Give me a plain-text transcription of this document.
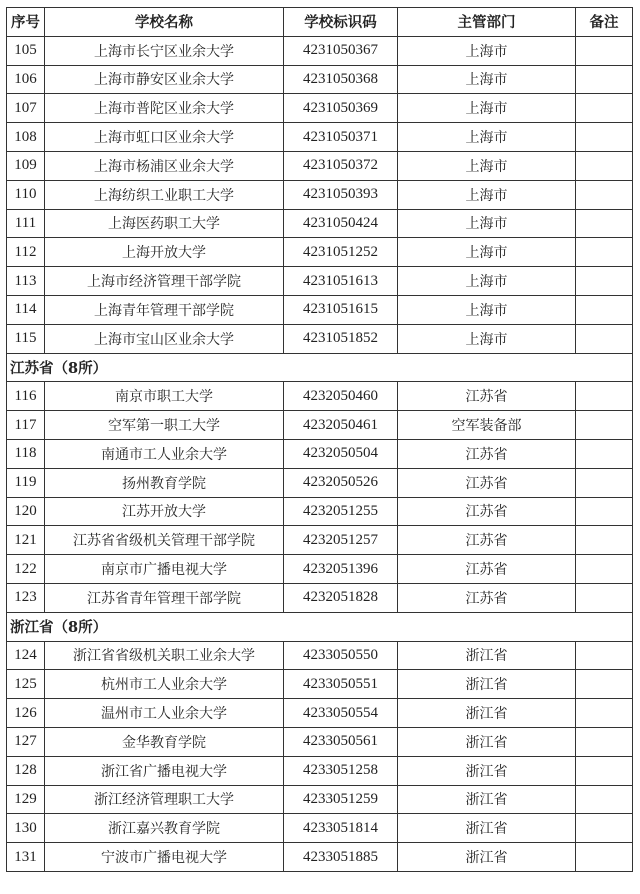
序号	学校名称	学校标识码	主管部门	备注
105	上海市长宁区业余大学	4231050367	上海市	
106	上海市静安区业余大学	4231050368	上海市	
107	上海市普陀区业余大学	4231050369	上海市	
108	上海市虹口区业余大学	4231050371	上海市	
109	上海市杨浦区业余大学	4231050372	上海市	
110	上海纺织工业职工大学	4231050393	上海市	
111	上海医药职工大学	4231050424	上海市	
112	上海开放大学	4231051252	上海市	
113	上海市经济管理干部学院	4231051613	上海市	
114	上海青年管理干部学院	4231051615	上海市	
115	上海市宝山区业余大学	4231051852	上海市	
江苏省（8所）				
116	南京市职工大学	4232050460	江苏省	
117	空军第一职工大学	4232050461	空军装备部	
118	南通市工人业余大学	4232050504	江苏省	
119	扬州教育学院	4232050526	江苏省	
120	江苏开放大学	4232051255	江苏省	
121	江苏省省级机关管理干部学院	4232051257	江苏省	
122	南京市广播电视大学	4232051396	江苏省	
123	江苏省青年管理干部学院	4232051828	江苏省	
浙江省（8所）				
124	浙江省省级机关职工业余大学	4233050550	浙江省	
125	杭州市工人业余大学	4233050551	浙江省	
126	温州市工人业余大学	4233050554	浙江省	
127	金华教育学院	4233050561	浙江省	
128	浙江省广播电视大学	4233051258	浙江省	
129	浙江经济管理职工大学	4233051259	浙江省	
130	浙江嘉兴教育学院	4233051814	浙江省	
131	宁波市广播电视大学	4233051885	浙江省	
